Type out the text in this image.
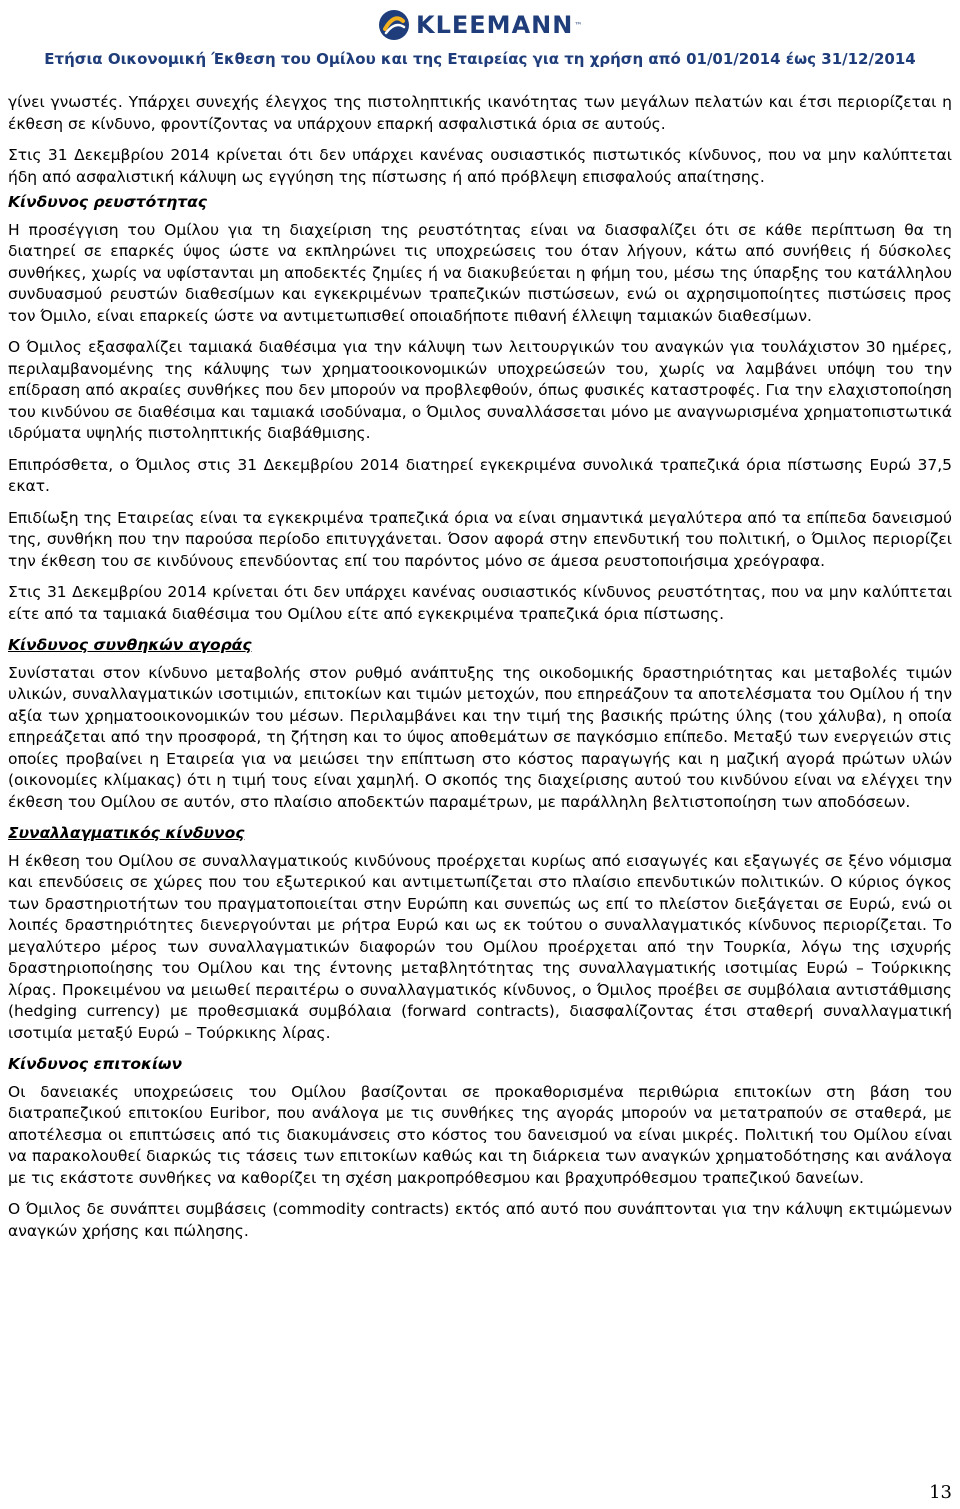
KLEEMANN ™
Ετήσια Οικονομική Έκθεση του Ομίλου και της Εταιρείας για τη χρήση από 01/01/2014 έως 31/12/2014

γίνει γνωστές. Υπάρχει συνεχής έλεγχος της πιστοληπτικής ικανότητας των μεγάλων πελατών και έτσι περιορίζεται η έκθεση σε κίνδυνο, φροντίζοντας να υπάρχουν επαρκή ασφαλιστικά όρια σε αυτούς.

Στις 31 Δεκεμβρίου 2014 κρίνεται ότι δεν υπάρχει κανένας ουσιαστικός πιστωτικός κίνδυνος, που να μην καλύπτεται ήδη από ασφαλιστική κάλυψη ως εγγύηση της πίστωσης ή από πρόβλεψη επισφαλούς απαίτησης.

Κίνδυνος ρευστότητας

Η προσέγγιση του Ομίλου για τη διαχείριση της ρευστότητας είναι να διασφαλίζει ότι σε κάθε περίπτωση θα τη διατηρεί σε επαρκές ύψος ώστε να εκπληρώνει τις υποχρεώσεις του όταν λήγουν, κάτω από συνήθεις ή δύσκολες συνθήκες, χωρίς να υφίστανται μη αποδεκτές ζημίες ή να διακυβεύεται η φήμη του, μέσω της ύπαρξης του κατάλληλου συνδυασμού ρευστών διαθεσίμων και εγκεκριμένων τραπεζικών πιστώσεων, ενώ οι αχρησιμοποίητες πιστώσεις προς τον Όμιλο, είναι επαρκείς ώστε να αντιμετωπισθεί οποιαδήποτε πιθανή έλλειψη ταμιακών διαθεσίμων.

Ο Όμιλος εξασφαλίζει ταμιακά διαθέσιμα για την κάλυψη των λειτουργικών του αναγκών για τουλάχιστον 30 ημέρες, περιλαμβανομένης της κάλυψης των χρηματοοικονομικών υποχρεώσεών του, χωρίς να λαμβάνει υπόψη του την επίδραση από ακραίες συνθήκες που δεν μπορούν να προβλεφθούν, όπως φυσικές καταστροφές. Για την ελαχιστοποίηση του κινδύνου σε διαθέσιμα και ταμιακά ισοδύναμα, ο Όμιλος συναλλάσσεται μόνο με αναγνωρισμένα χρηματοπιστωτικά ιδρύματα υψηλής πιστοληπτικής διαβάθμισης.

Επιπρόσθετα, ο Όμιλος στις 31 Δεκεμβρίου 2014 διατηρεί εγκεκριμένα συνολικά τραπεζικά όρια πίστωσης Ευρώ 37,5 εκατ.

Επιδίωξη της Εταιρείας είναι τα εγκεκριμένα τραπεζικά όρια να είναι σημαντικά μεγαλύτερα από τα επίπεδα δανεισμού της, συνθήκη που την παρούσα περίοδο επιτυγχάνεται. Όσον αφορά στην επενδυτική του πολιτική, ο Όμιλος περιορίζει την έκθεση του σε κινδύνους επενδύοντας επί του παρόντος μόνο σε άμεσα ρευστοποιήσιμα χρεόγραφα.

Στις 31 Δεκεμβρίου 2014 κρίνεται ότι δεν υπάρχει κανένας ουσιαστικός κίνδυνος ρευστότητας, που να μην καλύπτεται είτε από τα ταμιακά διαθέσιμα του Ομίλου είτε από εγκεκριμένα τραπεζικά όρια πίστωσης.

Κίνδυνος συνθηκών αγοράς

Συνίσταται στον κίνδυνο μεταβολής στον ρυθμό ανάπτυξης της οικοδομικής δραστηριότητας και μεταβολές τιμών υλικών, συναλλαγματικών ισοτιμιών, επιτοκίων και τιμών μετοχών, που επηρεάζουν τα αποτελέσματα του Ομίλου ή την αξία των χρηματοοικονομικών του μέσων. Περιλαμβάνει και την τιμή της βασικής πρώτης ύλης (του χάλυβα), η οποία επηρεάζεται από την προσφορά, τη ζήτηση και το ύψος αποθεμάτων σε παγκόσμιο επίπεδο. Μεταξύ των ενεργειών στις οποίες προβαίνει η Εταιρεία για να μειώσει την επίπτωση στο κόστος παραγωγής και η μαζική αγορά πρώτων υλών (οικονομίες κλίμακας) ότι η τιμή τους είναι χαμηλή. Ο σκοπός της διαχείρισης αυτού του κινδύνου είναι να ελέγχει την έκθεση του Ομίλου σε αυτόν, στο πλαίσιο αποδεκτών παραμέτρων, με παράλληλη βελτιστοποίηση των αποδόσεων.

Συναλλαγματικός κίνδυνος

Η έκθεση του Ομίλου σε συναλλαγματικούς κινδύνους προέρχεται κυρίως από εισαγωγές και εξαγωγές σε ξένο νόμισμα και επενδύσεις σε χώρες που του εξωτερικού και αντιμετωπίζεται στο πλαίσιο επενδυτικών πολιτικών. Ο κύριος όγκος των δραστηριοτήτων του πραγματοποιείται στην Ευρώπη και συνεπώς ως επί το πλείστον διεξάγεται σε Ευρώ, ενώ οι λοιπές δραστηριότητες διενεργούνται με ρήτρα Ευρώ και ως εκ τούτου ο συναλλαγματικός κίνδυνος περιορίζεται. Το μεγαλύτερο μέρος των συναλλαγματικών διαφορών του Ομίλου προέρχεται από την Τουρκία, λόγω της ισχυρής δραστηριοποίησης του Ομίλου και της έντονης μεταβλητότητας της συναλλαγματικής ισοτιμίας Ευρώ – Τούρκικης λίρας. Προκειμένου να μειωθεί περαιτέρω ο συναλλαγματικός κίνδυνος, ο Όμιλος προέβει σε συμβόλαια αντιστάθμισης (hedging currency) με προθεσμιακά συμβόλαια (forward contracts), διασφαλίζοντας έτσι σταθερή συναλλαγματική ισοτιμία μεταξύ Ευρώ – Τούρκικης λίρας.

Κίνδυνος επιτοκίων

Οι δανειακές υποχρεώσεις του Ομίλου βασίζονται σε προκαθορισμένα περιθώρια επιτοκίων στη βάση του διατραπεζικού επιτοκίου Euribor, που ανάλογα με τις συνθήκες της αγοράς μπορούν να μετατραπούν σε σταθερά, με αποτέλεσμα οι επιπτώσεις από τις διακυμάνσεις στο κόστος του δανεισμού να είναι μικρές. Πολιτική του Ομίλου είναι να παρακολουθεί διαρκώς τις τάσεις των επιτοκίων καθώς και τη διάρκεια των αναγκών χρηματοδότησης και ανάλογα με τις εκάστοτε συνθήκες να καθορίζει τη σχέση μακροπρόθεσμου και βραχυπρόθεσμου τραπεζικού δανείων.

Ο Όμιλος δε συνάπτει συμβάσεις (commodity contracts) εκτός από αυτό που συνάπτονται για την κάλυψη εκτιμώμενων αναγκών χρήσης και πώλησης.

13
